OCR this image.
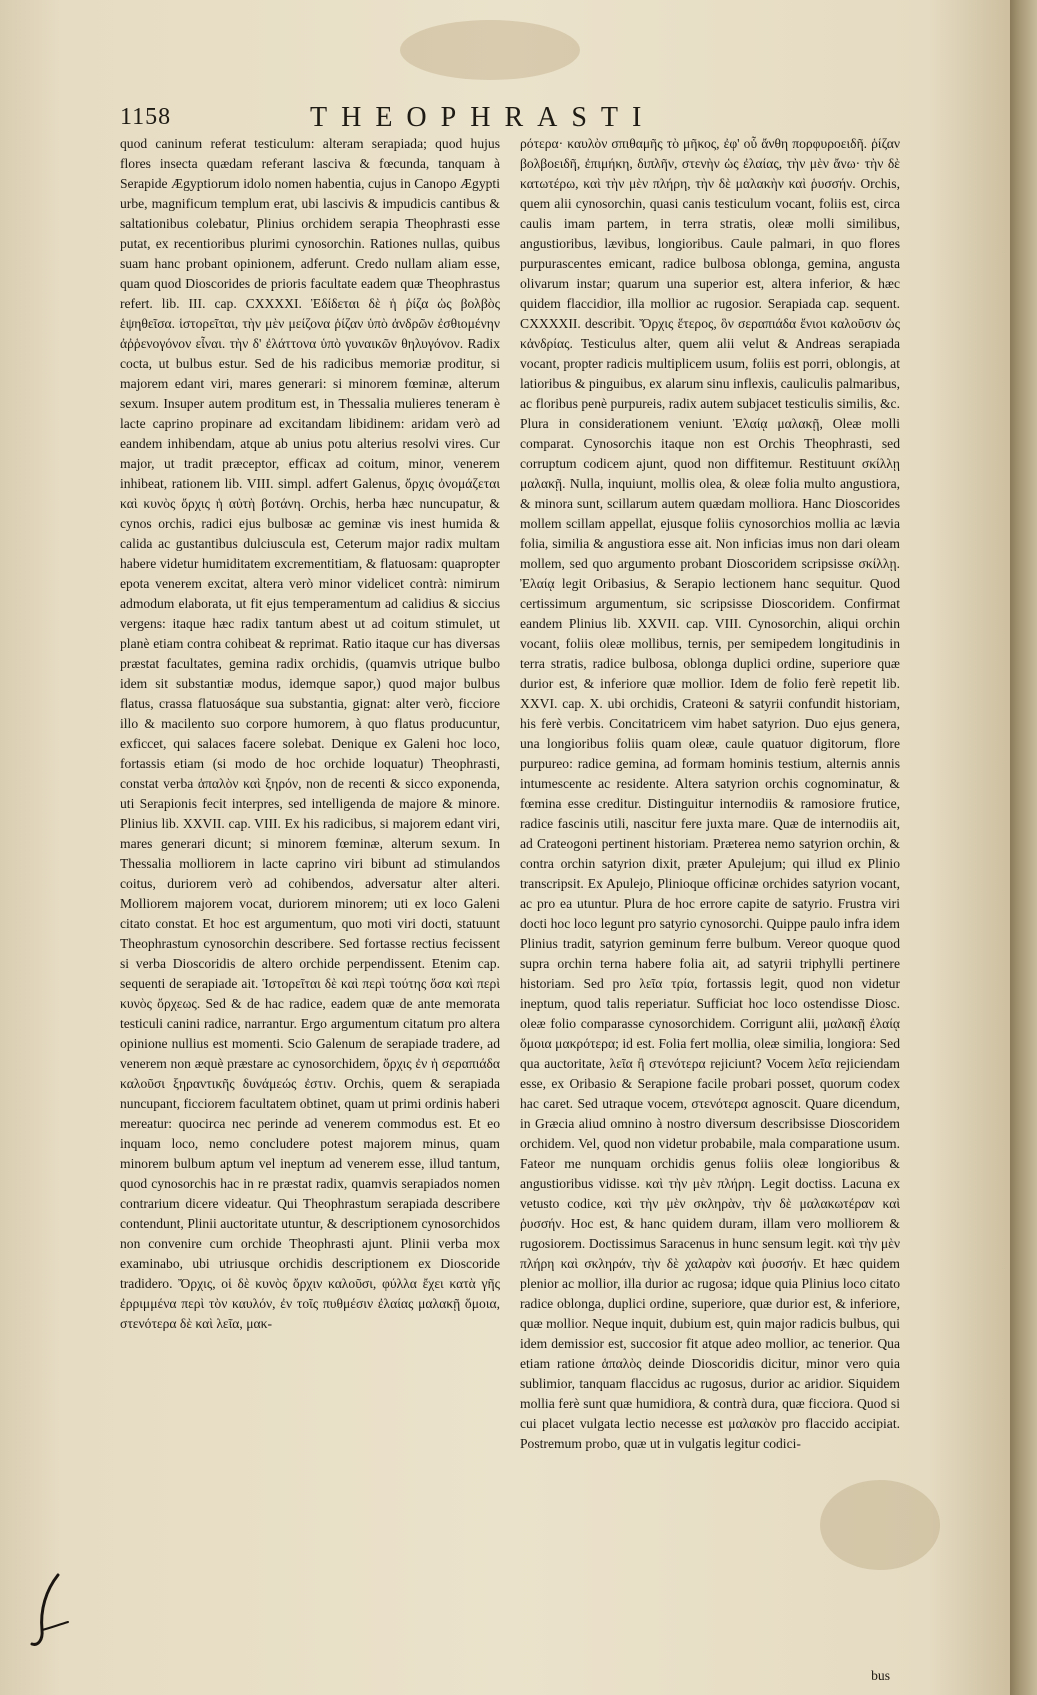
1158	THEOPHRASTI

quod caninum referat testiculum: alteram serapiada; quod hujus flores insecta quædam referant lasciva & fœcunda, tanquam à Serapide Ægyptiorum idolo nomen habentia, cujus in Canopo Ægypti urbe, magnificum templum erat, ubi lascivis & impudicis cantibus & saltationibus colebatur, Plinius orchidem serapia Theophrasti esse putat, ex recentioribus plurimi cynosorchin. Rationes nullas, quibus suam hanc probant opinionem, adferunt. Credo nullam aliam esse, quam quod Dioscorides de prioris facultate eadem quæ Theophrastus refert. lib. III. cap. CXXXXI. Ἐδίδεται δὲ ἡ ῥίζα ὡς βολβὸς ἑψηθεῖσα. ἱστορεῖται, τὴν μὲν μείζονα ῥίζαν ὑπὸ ἀνδρῶν ἐσθιομένην ἀῤῥενογόνον εἶναι. τὴν δ' ἐλάττονα ὑπὸ γυναικῶν θηλυγόνον. Radix cocta, ut bulbus estur. Sed de his radicibus memoriæ proditur, si majorem edant viri, mares generari: si minorem fœminæ, alterum sexum. Insuper autem proditum est, in Thessalia mulieres teneram è lacte caprino propinare ad excitandam libidinem: aridam verò ad eandem inhibendam, atque ab unius potu alterius resolvi vires. Cur major, ut tradit præceptor, efficax ad coitum, minor, venerem inhibeat, rationem lib. VIII. simpl. adfert Galenus, ὄρχις ὀνομάζεται καὶ κυνὸς ὄρχις ἡ αὐτὴ βοτάνη. Orchis, herba hæc nuncupatur, & cynos orchis, radici ejus bulbosæ ac geminæ vis inest humida & calida ac gustantibus dulciuscula est, Ceterum major radix multam habere videtur humiditatem excrementitiam, & flatuosam: quapropter epota venerem excitat, altera verò minor videlicet contrà: nimirum admodum elaborata, ut fit ejus temperamentum ad calidius & siccius vergens: itaque hæc radix tantum abest ut ad coitum stimulet, ut planè etiam contra cohibeat & reprimat. Ratio itaque cur has diversas præstat facultates, gemina radix orchidis, (quamvis utrique bulbo idem sit substantiæ modus, idemque sapor,) quod major bulbus flatus, crassa flatuosáque sua substantia, gignat: alter verò, ficciore illo & macilento suo corpore humorem, à quo flatus producuntur, exficcet, qui salaces facere solebat. Denique ex Galeni hoc loco, fortassis etiam (si modo de hoc orchide loquatur) Theophrasti, constat verba ἁπαλὸν καὶ ξηρόν, non de recenti & sicco exponenda, uti Serapionis fecit interpres, sed intelligenda de majore & minore. Plinius lib. XXVII. cap. VIII. Ex his radicibus, si majorem edant viri, mares generari dicunt; si minorem fœminæ, alterum sexum. In Thessalia molliorem in lacte caprino viri bibunt ad stimulandos coitus, duriorem verò ad cohibendos, adversatur alter alteri. Molliorem majorem vocat, duriorem minorem; uti ex loco Galeni citato constat. Et hoc est argumentum, quo moti viri docti, statuunt Theophrastum cynosorchin describere. Sed fortasse rectius fecissent si verba Dioscoridis de altero orchide perpendissent. Etenim cap. sequenti de serapiade ait. Ἱστορεῖται δὲ καὶ περὶ τούτης ὅσα καὶ περὶ κυνὸς ὄρχεως. Sed & de hac radice, eadem quæ de ante memorata testiculi canini radice, narrantur. Ergo argumentum citatum pro altera opinione nullius est momenti. Scio Galenum de serapiade tradere, ad venerem non æquè præstare ac cynosorchidem, ὄρχις ἐν ἡ σεραπιάδα καλοῦσι ξηραντικῆς δυνάμεώς ἐστιν. Orchis, quem & serapiada nuncupant, ficciorem facultatem obtinet, quam ut primi ordinis haberi mereatur: quocirca nec perinde ad venerem commodus est. Et eo inquam loco, nemo concludere potest majorem minus, quam minorem bulbum aptum vel ineptum ad venerem esse, illud tantum, quod cynosorchis hac in re præstat radix, quamvis serapiados nomen contrarium dicere videatur. Qui Theophrastum serapiada describere contendunt, Plinii auctoritate utuntur, & descriptionem cynosorchidos non convenire cum orchide Theophrasti ajunt. Plinii verba mox examinabo, ubi utriusque orchidis descriptionem ex Dioscoride tradidero. Ὄρχις, οἱ δὲ κυνὸς ὄρχιν καλοῦσι, φύλλα ἔχει κατὰ γῆς ἐρριμμένα περὶ τὸν καυλόν, ἐν τοῖς πυθμέσιν ἐλαίας μαλακῇ ὅμοια, στενότερα δὲ καὶ λεῖα, μακ-

ρότερα· καυλὸν σπιθαμῆς τὸ μῆκος, ἐφ' οὗ ἄνθη πορφυροειδῆ. ῥίζαν βολβοειδῆ, ἐπιμήκη, διπλῆν, στενὴν ὡς ἐλαίας, τὴν μὲν ἄνω· τὴν δὲ κατωτέρω, καὶ τὴν μὲν πλήρη, τὴν δὲ μαλακὴν καὶ ῥυσσήν. Orchis, quem alii cynosorchin, quasi canis testiculum vocant, foliis est, circa caulis imam partem, in terra stratis, oleæ molli similibus, angustioribus, lævibus, longioribus. Caule palmari, in quo flores purpurascentes emicant, radice bulbosa oblonga, gemina, angusta olivarum instar; quarum una superior est, altera inferior, & hæc quidem flaccidior, illa mollior ac rugosior. Serapiada cap. sequent. CXXXXII. describit. Ὄρχις ἕτερος, ὃν σεραπιάδα ἔνιοι καλοῦσιν ὡς κἀνδρίας. Testiculus alter, quem alii velut & Andreas serapiada vocant, propter radicis multiplicem usum, foliis est porri, oblongis, at latioribus & pinguibus, ex alarum sinu inflexis, cauliculis palmaribus, ac floribus penè purpureis, radix autem subjacet testiculis similis, &c. Plura in considerationem veniunt. Ἐλαίᾳ μαλακῇ, Oleæ molli comparat. Cynosorchis itaque non est Orchis Theophrasti, sed corruptum codicem ajunt, quod non diffitemur. Restituunt σκίλλῃ μαλακῇ. Nulla, inquiunt, mollis olea, & oleæ folia multo angustiora, & minora sunt, scillarum autem quædam molliora. Hanc Dioscorides mollem scillam appellat, ejusque foliis cynosorchios mollia ac lævia folia, similia & angustiora esse ait. Non inficias imus non dari oleam mollem, sed quo argumento probant Dioscoridem scripsisse σκίλλῃ. Ἐλαίᾳ legit Oribasius, & Serapio lectionem hanc sequitur. Quod certissimum argumentum, sic scripsisse Dioscoridem. Confirmat eandem Plinius lib. XXVII. cap. VIII. Cynosorchin, aliqui orchin vocant, foliis oleæ mollibus, ternis, per semipedem longitudinis in terra stratis, radice bulbosa, oblonga duplici ordine, superiore quæ durior est, & inferiore quæ mollior. Idem de folio ferè repetit lib. XXVI. cap. X. ubi orchidis, Crateoni & satyrii confundit historiam, his ferè verbis. Concitatricem vim habet satyrion. Duo ejus genera, una longioribus foliis quam oleæ, caule quatuor digitorum, flore purpureo: radice gemina, ad formam hominis testium, alternis annis intumescente ac residente. Altera satyrion orchis cognominatur, & fœmina esse creditur. Distinguitur internodiis & ramosiore frutice, radice fascinis utili, nascitur fere juxta mare. Quæ de internodiis ait, ad Crateogoni pertinent historiam. Præterea nemo satyrion orchin, & contra orchin satyrion dixit, præter Apulejum; qui illud ex Plinio transcripsit. Ex Apulejo, Plinioque officinæ orchides satyrion vocant, ac pro ea utuntur. Plura de hoc errore capite de satyrio. Frustra viri docti hoc loco legunt pro satyrio cynosorchi. Quippe paulo infra idem Plinius tradit, satyrion geminum ferre bulbum. Vereor quoque quod supra orchin terna habere folia ait, ad satyrii triphylli pertinere historiam. Sed pro λεῖα τρία, fortassis legit, quod non videtur ineptum, quod talis reperiatur. Sufficiat hoc loco ostendisse Diosc. oleæ folio comparasse cynosorchidem. Corrigunt alii, μαλακῇ ἐλαίᾳ ὅμοια μακρότερα; id est. Folia fert mollia, oleæ similia, longiora: Sed qua auctoritate, λεῖα ἢ στενότερα rejiciunt? Vocem λεῖα rejiciendam esse, ex Oribasio & Serapione facile probari posset, quorum codex hac caret. Sed utraque vocem, στενότερα agnoscit. Quare dicendum, in Græcia aliud omnino à nostro diversum describsisse Dioscoridem orchidem. Vel, quod non videtur probabile, mala comparatione usum. Fateor me nunquam orchidis genus foliis oleæ longioribus & angustioribus vidisse. καὶ τὴν μὲν πλήρη. Legit doctiss. Lacuna ex vetusto codice, καὶ τὴν μὲν σκληρὰν, τὴν δὲ μαλακωτέραν καὶ ῥυσσήν. Hoc est, & hanc quidem duram, illam vero molliorem & rugosiorem. Doctissimus Saracenus in hunc sensum legit. καὶ τὴν μὲν πλήρη καὶ σκληράν, τὴν δὲ χαλαρὰν καὶ ῥυσσήν. Et hæc quidem plenior ac mollior, illa durior ac rugosa; idque quia Plinius loco citato radice oblonga, duplici ordine, superiore, quæ durior est, & inferiore, quæ mollior. Neque inquit, dubium est, quin major radicis bulbus, qui idem demissior est, succosior fit atque adeo mollior, ac tenerior. Qua etiam ratione ἁπαλὸς deinde Dioscoridis dicitur, minor vero quia sublimior, tanquam flaccidus ac rugosus, durior ac aridior. Siquidem mollia ferè sunt quæ humidiora, & contrà dura, quæ ficciora. Quod si cui placet vulgata lectio necesse est μαλακὸν pro flaccido accipiat. Postremum probo, quæ ut in vulgatis legitur codici-

bus
